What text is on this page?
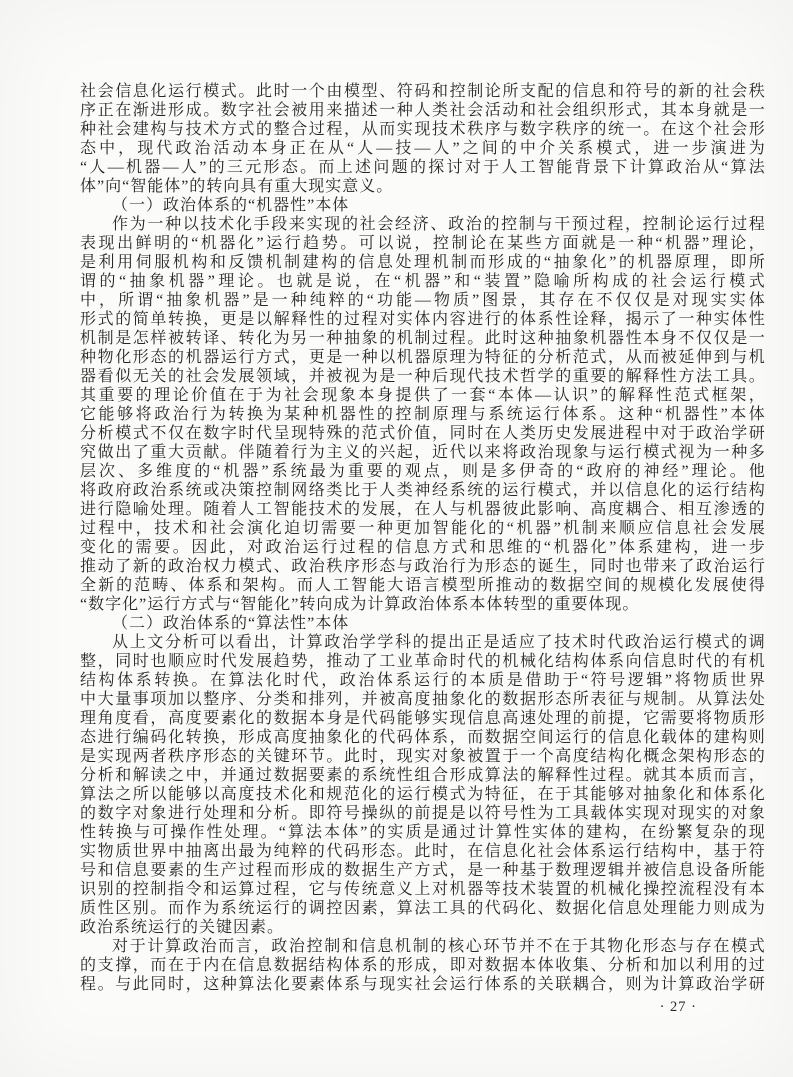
社会信息化运行模式。此时一个由模型、符码和控制论所支配的信息和符号的新的社会秩
序正在渐进形成。数字社会被用来描述一种人类社会活动和社会组织形式，其本身就是一
种社会建构与技术方式的整合过程，从而实现技术秩序与数字秩序的统一。在这个社会形
态中，现代政治活动本身正在从“人—技—人”之间的中介关系模式，进一步演进为
“人—机器—人”的三元形态。而上述问题的探讨对于人工智能背景下计算政治从“算法
体”向“智能体”的转向具有重大现实意义。
（一）政治体系的“机器性”本体
作为一种以技术化手段来实现的社会经济、政治的控制与干预过程，控制论运行过程
表现出鲜明的“机器化”运行趋势。可以说，控制论在某些方面就是一种“机器”理论，
是利用伺服机构和反馈机制建构的信息处理机制而形成的“抽象化”的机器原理，即所
谓的“抽象机器”理论。也就是说，在“机器”和“装置”隐喻所构成的社会运行模式
中，所谓“抽象机器”是一种纯粹的“功能—物质”图景，其存在不仅仅是对现实实体
形式的简单转换，更是以解释性的过程对实体内容进行的体系性诠释，揭示了一种实体性
机制是怎样被转译、转化为另一种抽象的机制过程。此时这种抽象机器性本身不仅仅是一
种物化形态的机器运行方式，更是一种以机器原理为特征的分析范式，从而被延伸到与机
器看似无关的社会发展领域，并被视为是一种后现代技术哲学的重要的解释性方法工具。
其重要的理论价值在于为社会现象本身提供了一套“本体—认识”的解释性范式框架，
它能够将政治行为转换为某种机器性的控制原理与系统运行体系。这种“机器性”本体
分析模式不仅在数字时代呈现特殊的范式价值，同时在人类历史发展进程中对于政治学研
究做出了重大贡献。伴随着行为主义的兴起，近代以来将政治现象与运行模式视为一种多
层次、多维度的“机器”系统最为重要的观点，则是多伊奇的“政府的神经”理论。他
将政府政治系统或决策控制网络类比于人类神经系统的运行模式，并以信息化的运行结构
进行隐喻处理。随着人工智能技术的发展，在人与机器彼此影响、高度耦合、相互渗透的
过程中，技术和社会演化迫切需要一种更加智能化的“机器”机制来顺应信息社会发展
变化的需要。因此，对政治运行过程的信息方式和思维的“机器化”体系建构，进一步
推动了新的政治权力模式、政治秩序形态与政治行为形态的诞生，同时也带来了政治运行
全新的范畴、体系和架构。而人工智能大语言模型所推动的数据空间的规模化发展使得
“数字化”运行方式与“智能化”转向成为计算政治体系本体转型的重要体现。
（二）政治体系的“算法性”本体
从上文分析可以看出，计算政治学学科的提出正是适应了技术时代政治运行模式的调
整，同时也顺应时代发展趋势，推动了工业革命时代的机械化结构体系向信息时代的有机
结构体系转换。在算法化时代，政治体系运行的本质是借助于“符号逻辑”将物质世界
中大量事项加以整序、分类和排列，并被高度抽象化的数据形态所表征与规制。从算法处
理角度看，高度要素化的数据本身是代码能够实现信息高速处理的前提，它需要将物质形
态进行编码化转换，形成高度抽象化的代码体系，而数据空间运行的信息化载体的建构则
是实现两者秩序形态的关键环节。此时，现实对象被置于一个高度结构化概念架构形态的
分析和解读之中，并通过数据要素的系统性组合形成算法的解释性过程。就其本质而言，
算法之所以能够以高度技术化和规范化的运行模式为特征，在于其能够对抽象化和体系化
的数字对象进行处理和分析。即符号操纵的前提是以符号性为工具载体实现对现实的对象
性转换与可操作性处理。“算法本体”的实质是通过计算性实体的建构，在纷繁复杂的现
实物质世界中抽离出最为纯粹的代码形态。此时，在信息化社会体系运行结构中，基于符
号和信息要素的生产过程而形成的数据生产方式，是一种基于数理逻辑并被信息设备所能
识别的控制指令和运算过程，它与传统意义上对机器等技术装置的机械化操控流程没有本
质性区别。而作为系统运行的调控因素，算法工具的代码化、数据化信息处理能力则成为
政治系统运行的关键因素。
对于计算政治而言，政治控制和信息机制的核心环节并不在于其物化形态与存在模式
的支撑，而在于内在信息数据结构体系的形成，即对数据本体收集、分析和加以利用的过
程。与此同时，这种算法化要素体系与现实社会运行体系的关联耦合，则为计算政治学研
· 27 ·
